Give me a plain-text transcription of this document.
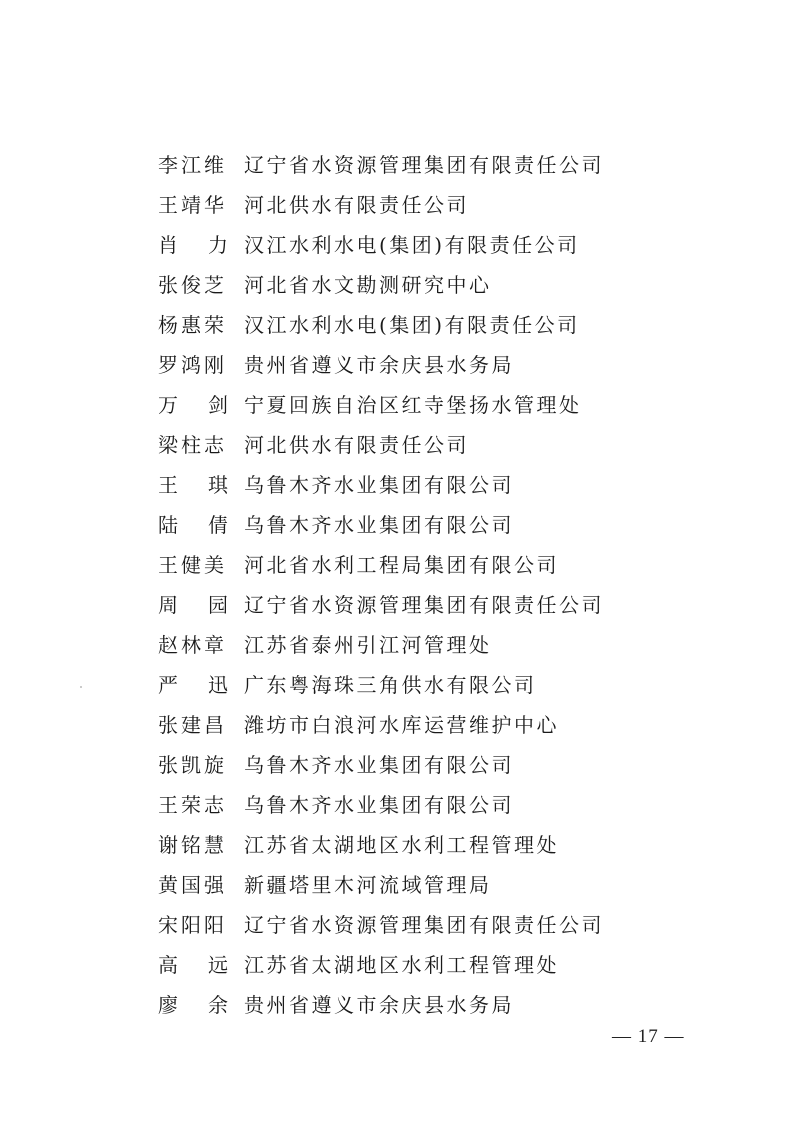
李江维 辽宁省水资源管理集团有限责任公司
王靖华 河北供水有限责任公司
肖 力 汉江水利水电(集团)有限责任公司
张俊芝 河北省水文勘测研究中心
杨惠荣 汉江水利水电(集团)有限责任公司
罗鸿刚 贵州省遵义市余庆县水务局
万 剑 宁夏回族自治区红寺堡扬水管理处
梁柱志 河北供水有限责任公司
王 琪 乌鲁木齐水业集团有限公司
陆 倩 乌鲁木齐水业集团有限公司
王健美 河北省水利工程局集团有限公司
周 园 辽宁省水资源管理集团有限责任公司
赵林章 江苏省泰州引江河管理处
严 迅 广东粤海珠三角供水有限公司
张建昌 潍坊市白浪河水库运营维护中心
张凯旋 乌鲁木齐水业集团有限公司
王荣志 乌鲁木齐水业集团有限公司
谢铭慧 江苏省太湖地区水利工程管理处
黄国强 新疆塔里木河流域管理局
宋阳阳 辽宁省水资源管理集团有限责任公司
高 远 江苏省太湖地区水利工程管理处
廖 余 贵州省遵义市余庆县水务局
— 17 —
